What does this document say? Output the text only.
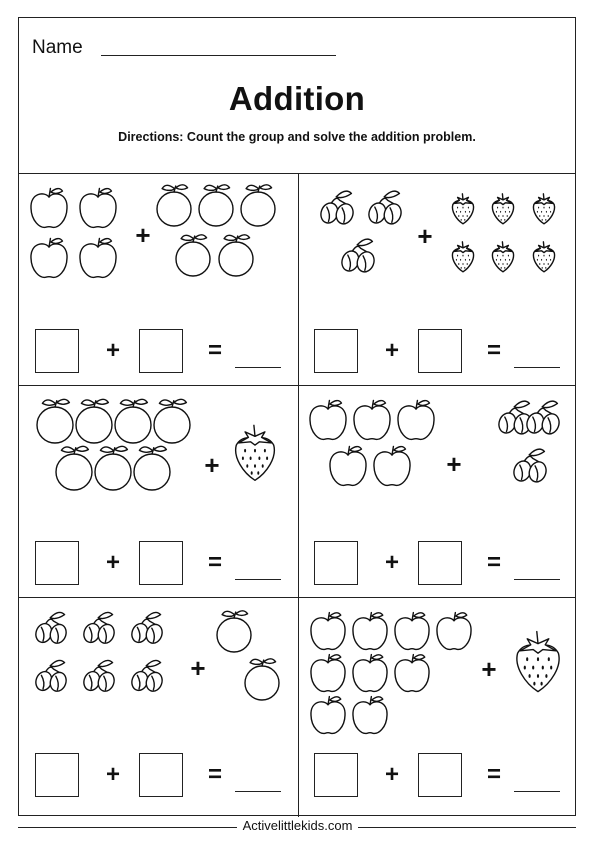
Name
Addition
Directions: Count the group and solve the addition problem.
+
+	=
+
+	=
+
+	=
+
+	=
+
+	=
+
+	=
Activelittlekids.com
